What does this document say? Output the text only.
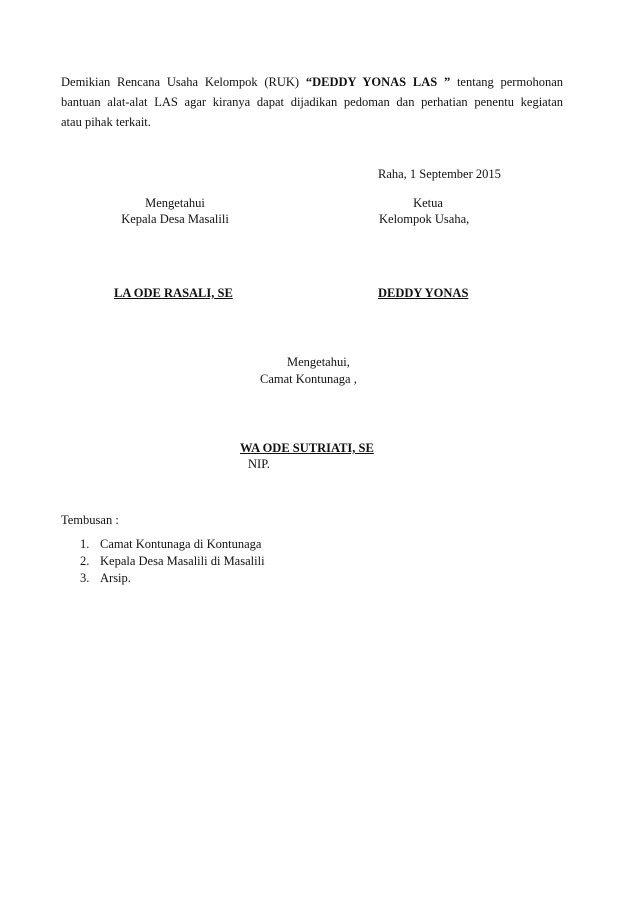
Demikian Rencana Usaha Kelompok (RUK) “DEDDY YONAS LAS ” tentang permohonan
bantuan alat-alat LAS agar kiranya dapat dijadikan pedoman dan perhatian penentu kegiatan
atau pihak terkait.
Raha, 1 September 2015
Mengetahui
Kepala Desa Masalili
Ketua
Kelompok Usaha,
LA ODE RASALI, SE	DEDDY YONAS
Mengetahui,
Camat Kontunaga ,
WA ODE SUTRIATI, SE
NIP.
Tembusan :
1. Camat Kontunaga di Kontunaga
2. Kepala Desa Masalili di Masalili
3. Arsip.
